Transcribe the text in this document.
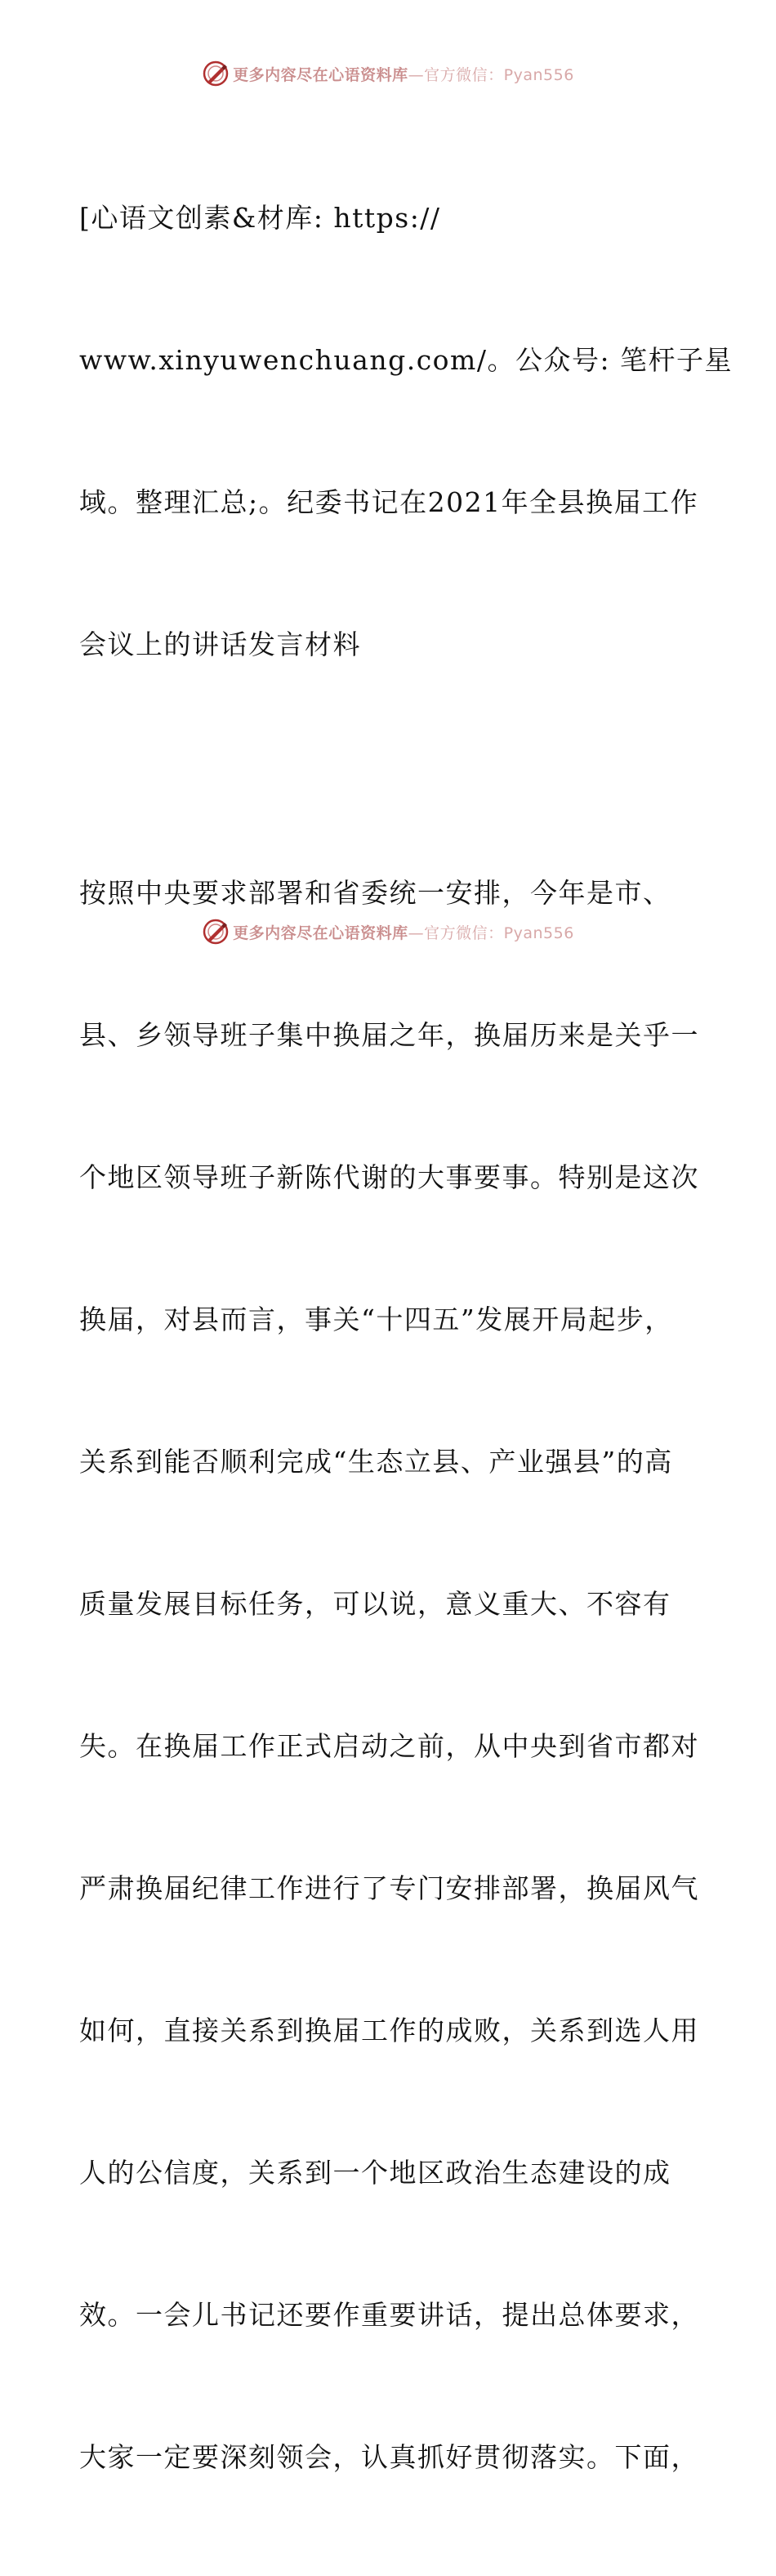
更多内容尽在心语资料库—官方微信：Pyan556

[心语文创素&材库: https://

www.xinyuwenchuang.com/。公众号: 笔杆子星

域。整理汇总;。纪委书记在2021年全县换届工作

会议上的讲话发言材料

按照中央要求部署和省委统一安排，今年是市、

县、乡领导班子集中换届之年，换届历来是关乎一

个地区领导班子新陈代谢的大事要事。特别是这次

换届，对县而言，事关“十四五”发展开局起步，

关系到能否顺利完成“生态立县、产业强县”的高

质量发展目标任务，可以说，意义重大、不容有

失。在换届工作正式启动之前，从中央到省市都对

严肃换届纪律工作进行了专门安排部署，换届风气

如何，直接关系到换届工作的成败，关系到选人用

人的公信度，关系到一个地区政治生态建设的成

效。一会儿书记还要作重要讲话，提出总体要求，

大家一定要深刻领会，认真抓好贯彻落实。下面，

更多内容尽在心语资料库—官方微信：Pyan556
